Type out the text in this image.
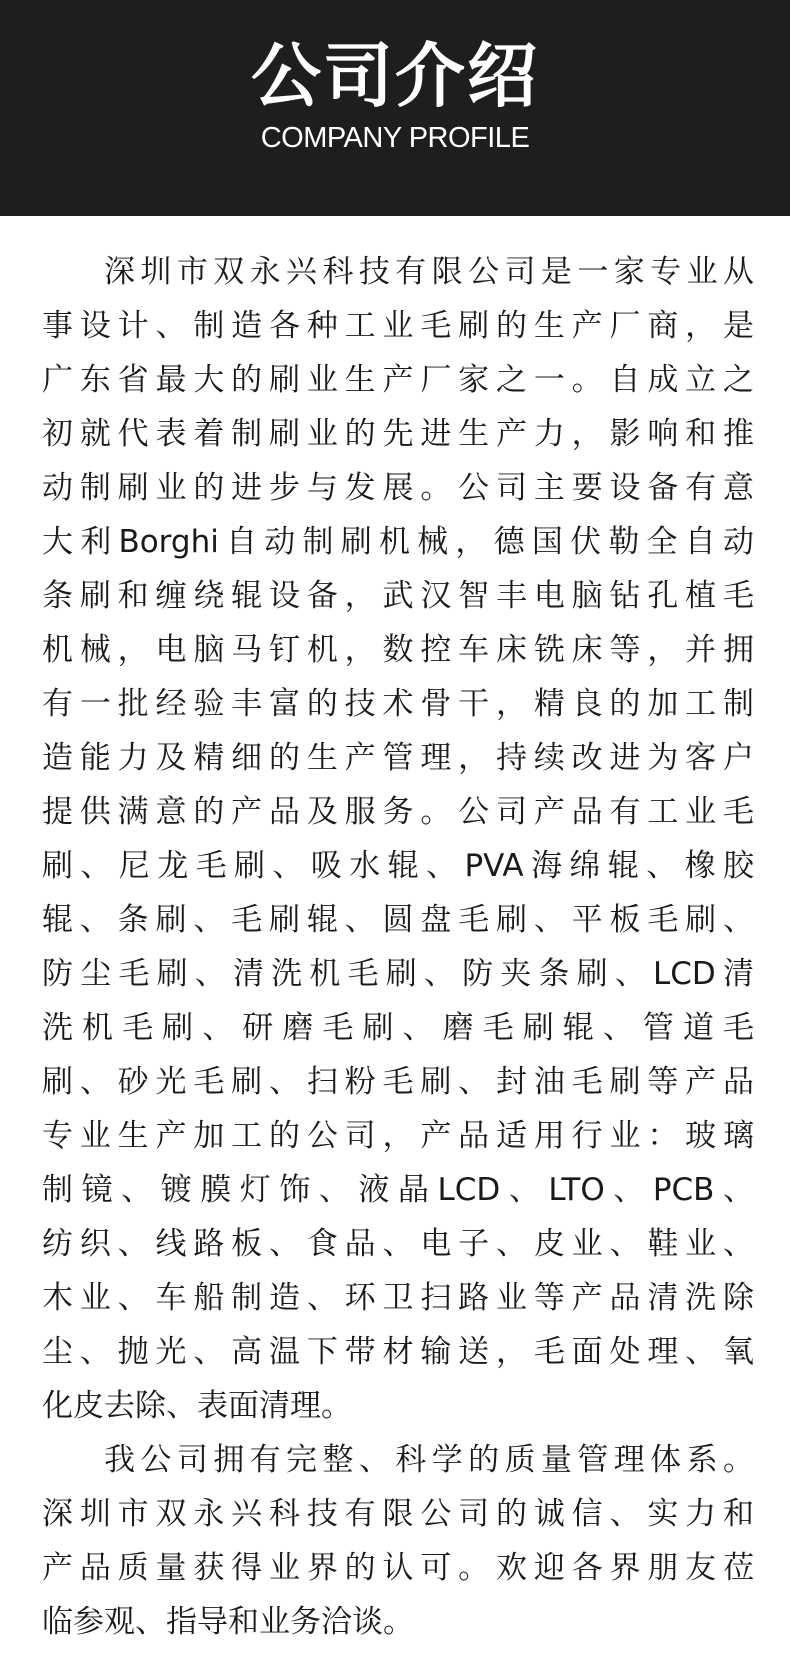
公司介绍
COMPANY PROFILE
深圳市双永兴科技有限公司是一家专业从
事设计、制造各种工业毛刷的生产厂商，是
广东省最大的刷业生产厂家之一。自成立之
初就代表着制刷业的先进生产力，影响和推
动制刷业的进步与发展。公司主要设备有意
大利Borghi自动制刷机械，德国伏勒全自动
条刷和缠绕辊设备，武汉智丰电脑钻孔植毛
机械，电脑马钉机，数控车床铣床等，并拥
有一批经验丰富的技术骨干，精良的加工制
造能力及精细的生产管理，持续改进为客户
提供满意的产品及服务。公司产品有工业毛
刷、尼龙毛刷、吸水辊、PVA海绵辊、橡胶
辊、条刷、毛刷辊、圆盘毛刷、平板毛刷、
防尘毛刷、清洗机毛刷、防夹条刷、LCD清
洗机毛刷、研磨毛刷、磨毛刷辊、管道毛
刷、砂光毛刷、扫粉毛刷、封油毛刷等产品
专业生产加工的公司，产品适用行业：玻璃
制镜、镀膜灯饰、液晶LCD、LTO、PCB、
纺织、线路板、食品、电子、皮业、鞋业、
木业、车船制造、环卫扫路业等产品清洗除
尘、抛光、高温下带材输送，毛面处理、氧
化皮去除、表面清理。
我公司拥有完整、科学的质量管理体系。
深圳市双永兴科技有限公司的诚信、实力和
产品质量获得业界的认可。欢迎各界朋友莅
临参观、指导和业务洽谈。
